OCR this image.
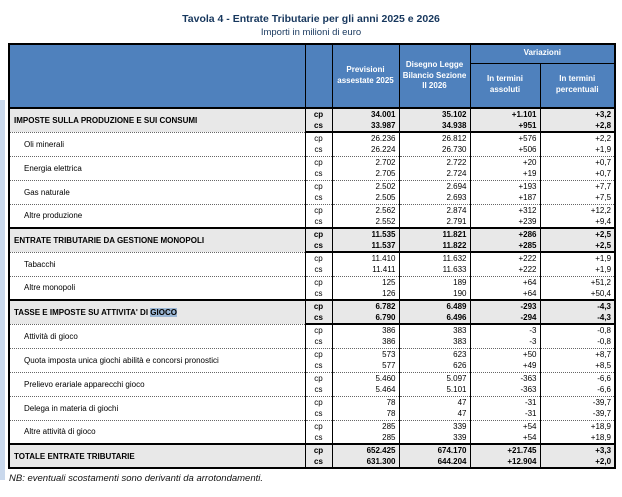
Tavola 4 - Entrate Tributarie per gli anni 2025 e 2026
Importi in milioni di euro
		Previsioni assestate 2025	Disegno Legge Bilancio Sezione II 2026	Variazioni	
				In termini assoluti	In termini percentuali
IMPOSTE SULLA PRODUZIONE E SUI CONSUMI	cp	34.001	35.102	+1.101	+3,2
	cs	33.987	34.938	+951	+2,8
Oli minerali	cp	26.236	26.812	+576	+2,2
	cs	26.224	26.730	+506	+1,9
Energia elettrica	cp	2.702	2.722	+20	+0,7
	cs	2.705	2.724	+19	+0,7
Gas naturale	cp	2.502	2.694	+193	+7,7
	cs	2.505	2.693	+187	+7,5
Altre produzione	cp	2.562	2.874	+312	+12,2
	cs	2.552	2.791	+239	+9,4
ENTRATE TRIBUTARIE DA GESTIONE MONOPOLI	cp	11.535	11.821	+286	+2,5
	cs	11.537	11.822	+285	+2,5
Tabacchi	cp	11.410	11.632	+222	+1,9
	cs	11.411	11.633	+222	+1,9
Altre monopoli	cp	125	189	+64	+51,2
	cs	126	190	+64	+50,4
TASSE E IMPOSTE SU ATTIVITA' DI GIOCO	cp	6.782	6.489	-293	-4,3
	cs	6.790	6.496	-294	-4,3
Attività di gioco	cp	386	383	-3	-0,8
	cs	386	383	-3	-0,8
Quota imposta unica giochi abilità e concorsi pronostici	cp	573	623	+50	+8,7
	cs	577	626	+49	+8,5
Prelievo erariale apparecchi gioco	cp	5.460	5.097	-363	-6,6
	cs	5.464	5.101	-363	-6,6
Delega in materia di giochi	cp	78	47	-31	-39,7
	cs	78	47	-31	-39,7
Altre attività di gioco	cp	285	339	+54	+18,9
	cs	285	339	+54	+18,9
TOTALE ENTRATE TRIBUTARIE	cp	652.425	674.170	+21.745	+3,3
	cs	631.300	644.204	+12.904	+2,0
NB: eventuali scostamenti sono derivanti da arrotondamenti.
